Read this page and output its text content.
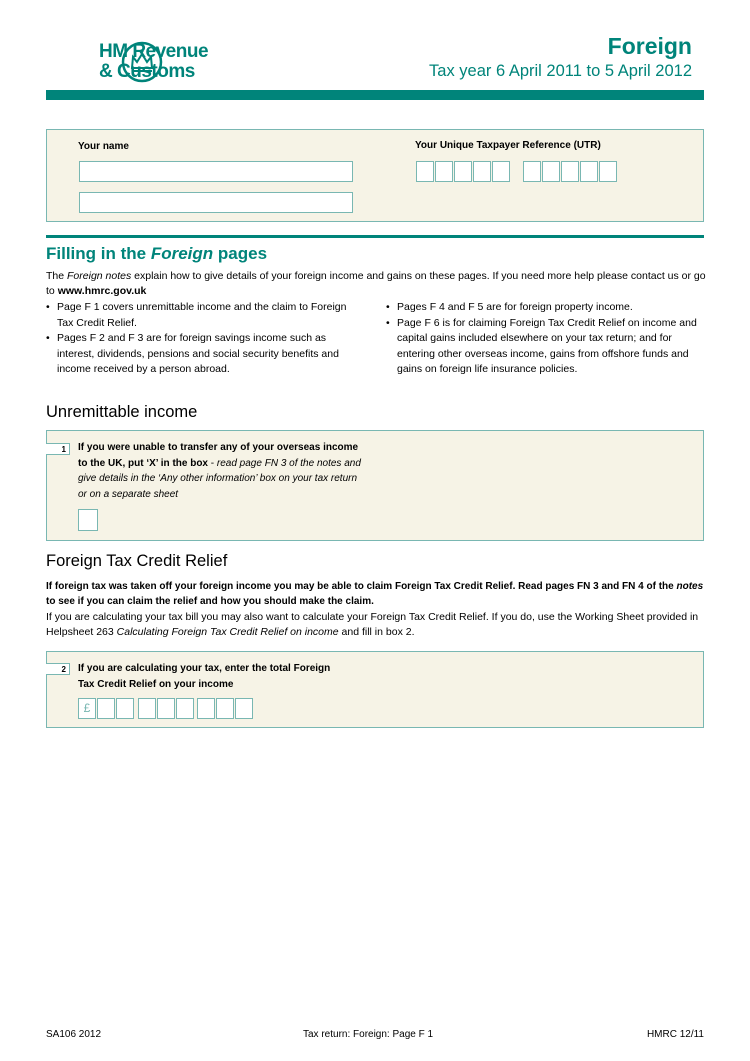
HM Revenue
& Customs
Foreign
Tax year 6 April 2011 to 5 April 2012
Your name	Your Unique Taxpayer Reference (UTR)
Filling in the Foreign pages
The Foreign notes explain how to give details of your foreign income and gains on these pages. If you need more help please contact us or go to www.hmrc.gov.uk
• Page F 1 covers unremittable income and the claim to Foreign Tax Credit Relief.
• Pages F 2 and F 3 are for foreign savings income such as interest, dividends, pensions and social security benefits and income received by a person abroad.
• Pages F 4 and F 5 are for foreign property income.
• Page F 6 is for claiming Foreign Tax Credit Relief on income and capital gains included elsewhere on your tax return; and for entering other overseas income, gains from offshore funds and gains on foreign life insurance policies.
Unremittable income
1	If you were unable to transfer any of your overseas income to the UK, put ‘X’ in the box - read page FN 3 of the notes and give details in the ‘Any other information’ box on your tax return or on a separate sheet
Foreign Tax Credit Relief
If foreign tax was taken off your foreign income you may be able to claim Foreign Tax Credit Relief. Read pages FN 3 and FN 4 of the notes to see if you can claim the relief and how you should make the claim.
If you are calculating your tax bill you may also want to calculate your Foreign Tax Credit Relief. If you do, use the Working Sheet provided in Helpsheet 263 Calculating Foreign Tax Credit Relief on income and fill in box 2.
2	If you are calculating your tax, enter the total Foreign Tax Credit Relief on your income
£
SA106 2012	Tax return: Foreign: Page F 1	HMRC 12/11
